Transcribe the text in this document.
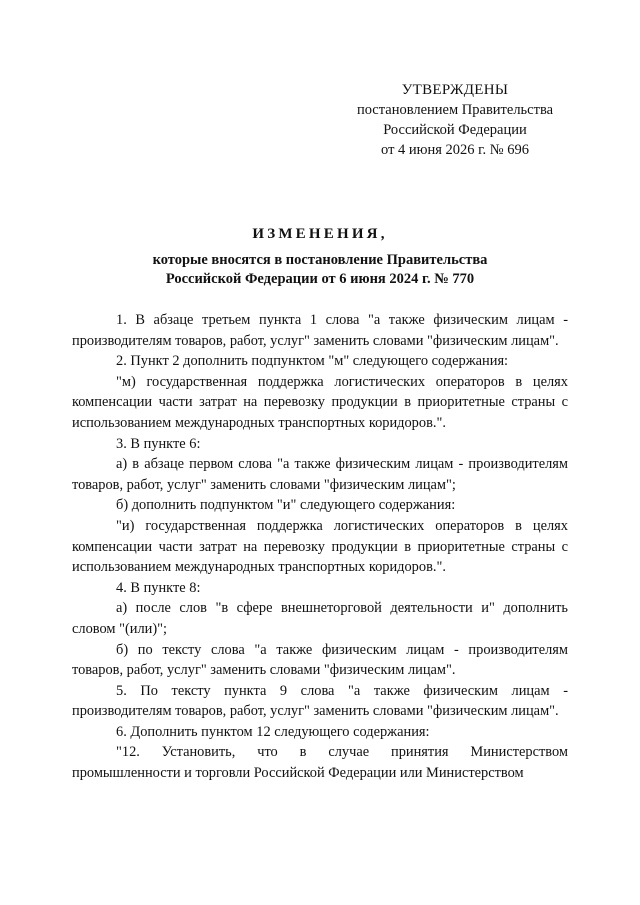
УТВЕРЖДЕНЫ
постановлением Правительства
Российской Федерации
от 4 июня 2026 г. № 696
ИЗМЕНЕНИЯ,
которые вносятся в постановление Правительства
Российской Федерации от 6 июня 2024 г. № 770

1. В абзаце третьем пункта 1 слова "а также физическим лицам - производителям товаров, работ, услуг" заменить словами "физическим лицам".

2. Пункт 2 дополнить подпунктом "м" следующего содержания:

"м) государственная поддержка логистических операторов в целях компенсации части затрат на перевозку продукции в приоритетные страны с использованием международных транспортных коридоров.".

3. В пункте 6:

а) в абзаце первом слова "а также физическим лицам - производителям товаров, работ, услуг" заменить словами "физическим лицам";

б) дополнить подпунктом "и" следующего содержания:

"и) государственная поддержка логистических операторов в целях компенсации части затрат на перевозку продукции в приоритетные страны с использованием международных транспортных коридоров.".

4. В пункте 8:

а) после слов "в сфере внешнеторговой деятельности и" дополнить словом "(или)";

б) по тексту слова "а также физическим лицам - производителям товаров, работ, услуг" заменить словами "физическим лицам".

5. По тексту пункта 9 слова "а также физическим лицам - производителям товаров, работ, услуг" заменить словами "физическим лицам".

6. Дополнить пунктом 12 следующего содержания:

"12. Установить, что в случае принятия Министерством промышленности и торговли Российской Федерации или Министерством
